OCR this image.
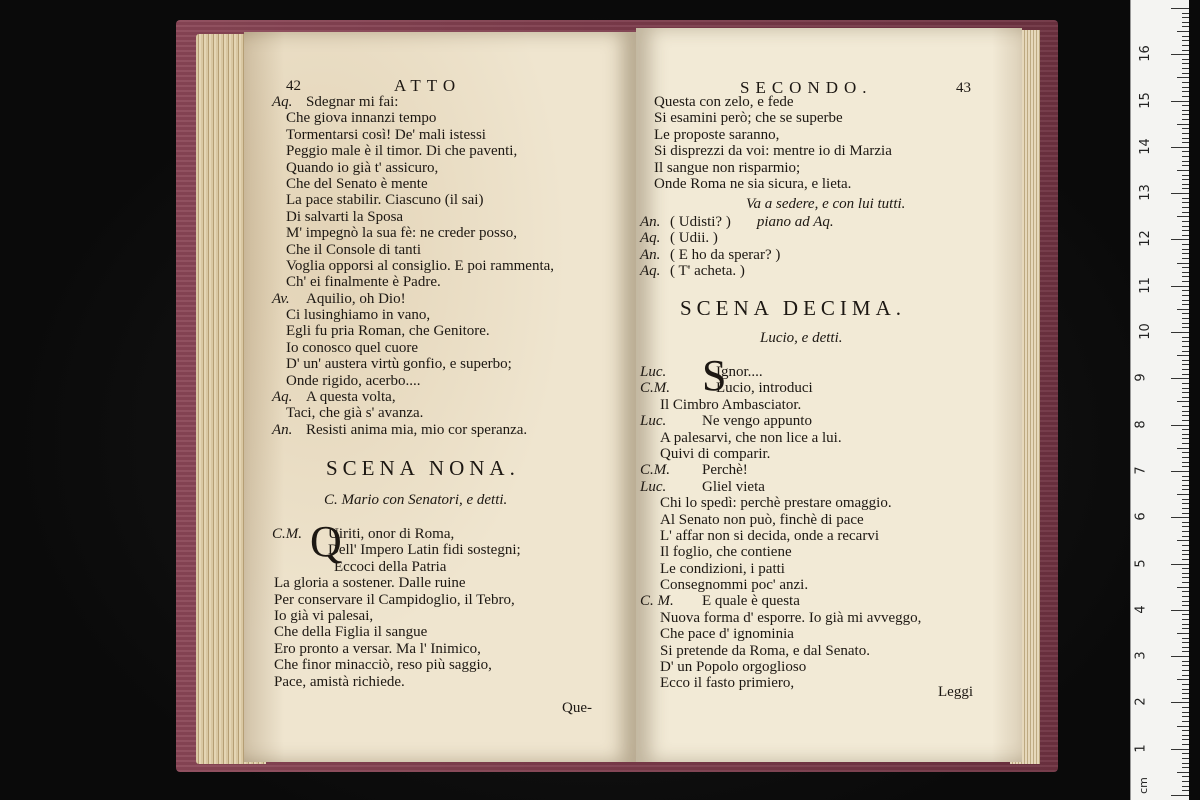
42	ATTO
Aq. Sdegnar mi fai:
Che giova innanzi tempo
Tormentarsi così! De' mali istessi
Peggio male è il timor. Di che paventi,
Quando io già t' assicuro,
Che del Senato è mente
La pace stabilir. Ciascuno (il sai)
Di salvarti la Sposa
M' impegnò la sua fè: ne creder posso,
Che il Console di tanti
Voglia opporsi al consiglio. E poi rammenta,
Ch' ei finalmente è Padre.
Av. Aquilio, oh Dio!
Ci lusinghiamo in vano,
Egli fu pria Roman, che Genitore.
Io conosco quel cuore
D' un' austera virtù gonfio, e superbo;
Onde rigido, acerbo....
Aq. A questa volta,
Taci, che già s' avanza.
An. Resisti anima mia, mio cor speranza.
SCENA NONA.
C. Mario con Senatori, e detti.
C.M. Q
Uiriti, onor di Roma,
Dell' Impero Latin fidi sostegni;
Eccoci della Patria
La gloria a sostener. Dalle ruine
Per conservare il Campidoglio, il Tebro,
Io già vi palesai,
Che della Figlia il sangue
Ero pronto a versar. Ma l' Inimico,
Che finor minacciò, reso più saggio,
Pace, amistà richiede.
Que-
SECONDO.	43
Questa con zelo, e fede
Si esamini però; che se superbe
Le proposte saranno,
Si disprezzi da voi: mentre io di Marzia
Il sangue non risparmio;
Onde Roma ne sia sicura, e lieta.
Va a sedere, e con lui tutti.
An. ( Udisti? ) piano ad Aq.
Aq. ( Udii. )
An. ( E ho da sperar? )
Aq. ( T' acheta. )
SCENA DECIMA.
Lucio, e detti.
S
Luc.	Ignor....
C.M.	Lucio, introduci
Il Cimbro Ambasciator.
Luc. Ne vengo appunto
A palesarvi, che non lice a lui.
Quivi di comparir.
C.M. Perchè!
Luc. Gliel vieta
Chi lo spedì: perchè prestare omaggio.
Al Senato non può, finchè di pace
L' affar non si decida, onde a recarvi
Il foglio, che contiene
Le condizioni, i patti
Consegnommi poc' anzi.
C. M. E quale è questa
Nuova forma d' esporre. Io già mi avveggo,
Che pace d' ignominia
Si pretende da Roma, e dal Senato.
D' un Popolo orgoglioso
Ecco il fasto primiero,
Leggi
cm
1
2
3
4
5
6
7
8
9
10
11
12
13
14
15
16
